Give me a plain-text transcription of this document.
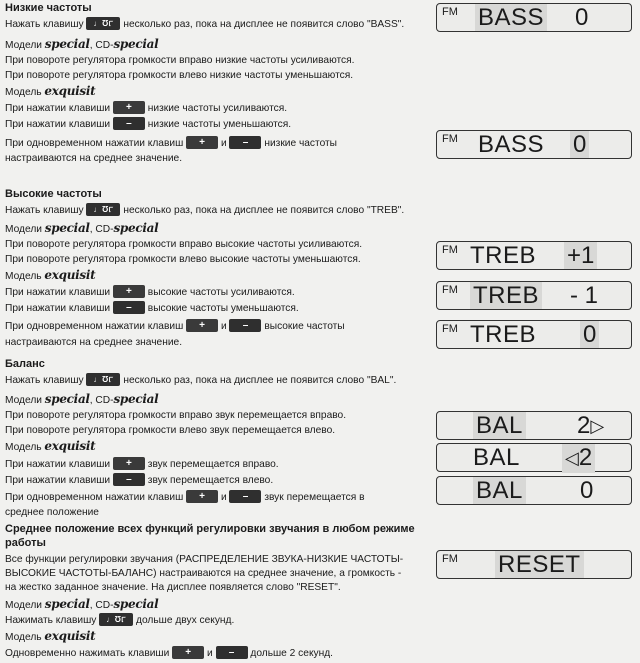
Низкие частоты
Нажать клавишу ♩Ʊ୮ несколько раз, пока на дисплее не появится слово "BASS".
Модели special, CD-special
При повороте регулятора громкости вправо низкие частоты усиливаются.
При повороте регулятора громкости влево низкие частоты уменьшаются.
Модель exquisit
При нажатии клавиши + низкие частоты усиливаются.
При нажатии клавиши – низкие частоты уменьшаются.
При одновременном нажатии клавиш + и – низкие частоты
настраиваются на среднее значение.
Высокие частоты
Нажать клавишу ♩Ʊ୮ несколько раз, пока на дисплее не появится слово "TREB".
Модели special, CD-special
При повороте регулятора громкости вправо высокие частоты усиливаются.
При повороте регулятора громкости влево высокие частоты уменьшаются.
Модель exquisit
При нажатии клавиши + высокие частоты усиливаются.
При нажатии клавиши – высокие частоты уменьшаются.
При одновременном нажатии клавиш + и – высокие частоты
настраиваются на среднее значение.
Баланс
Нажать клавишу ♩Ʊ୮ несколько раз, пока на дисплее не появится слово "BAL".
Модели special, CD-special
При повороте регулятора громкости вправо звук перемещается вправо.
При повороте регулятора громкости влево звук перемещается влево.
Модель exquisit
При нажатии клавиши + звук перемещается вправо.
При нажатии клавиши – звук перемещается влево.
При одновременном нажатии клавиш + и – звук перемещается в
среднее положение
Среднее положение всех функций регулировки звучания в любом режиме
работы
Все функции регулировки звучания (РАСПРЕДЕЛЕНИЕ ЗВУКА-НИЗКИЕ ЧАСТОТЫ-
ВЫСОКИЕ ЧАСТОТЫ-БАЛАНС) настраиваются на среднее значение, а громкость -
на жестко заданное значение. На дисплее появляется слово "RESET".
Модели special, CD-special
Нажимать клавишу ♩Ʊ୮ дольше двух секунд.
Модель exquisit
Одновременно нажимать клавиши + и – дольше 2 секунд.
FM BASS 0
FM BASS 0
FM TREB +1
FM TREB - 1
FM TREB 0
BAL 2▷
BAL	◁2
BAL 0
FM RESET
